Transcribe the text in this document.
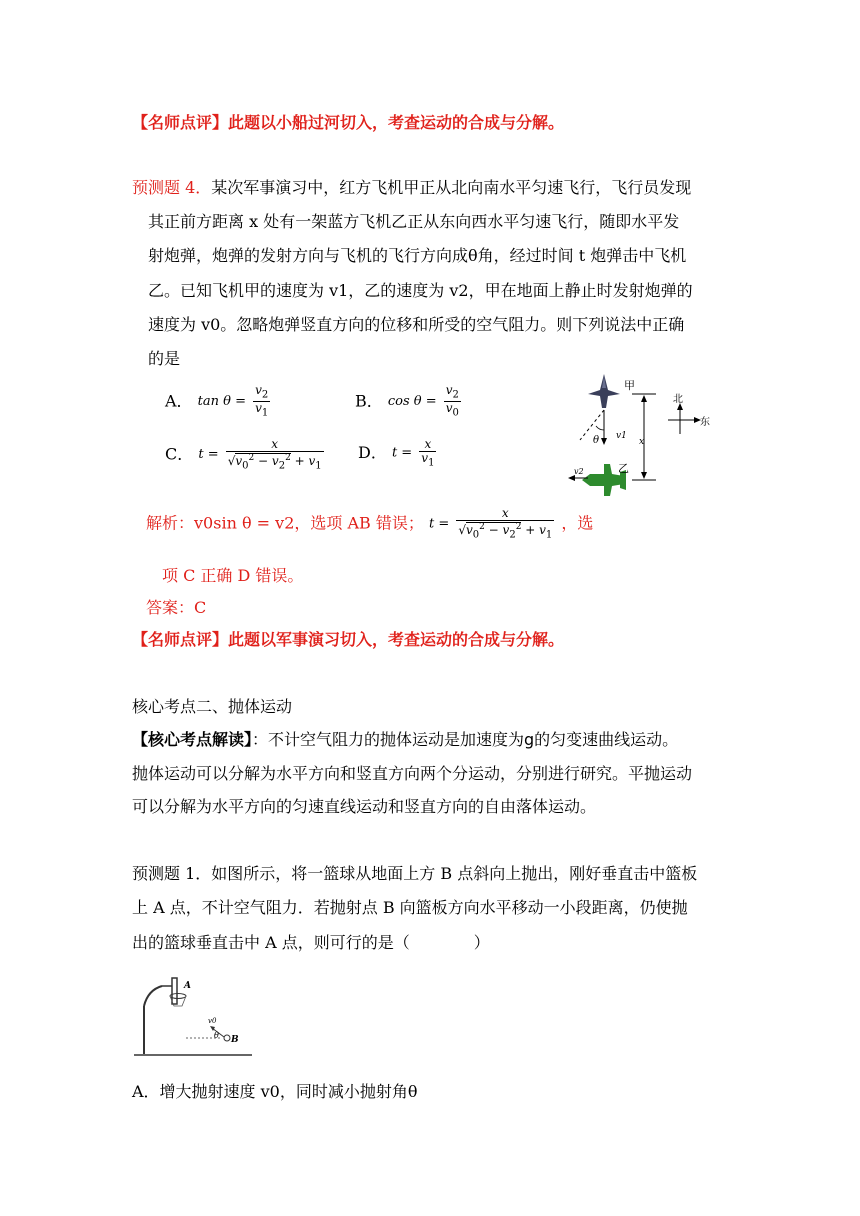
【名师点评】此题以小船过河切入，考查运动的合成与分解。
预测题 4．某次军事演习中，红方飞机甲正从北向南水平匀速飞行，飞行员发现
其正前方距离 x 处有一架蓝方飞机乙正从东向西水平匀速飞行，随即水平发
射炮弹，炮弹的发射方向与飞机的飞行方向成θ角，经过时间 t 炮弹击中飞机
乙。已知飞机甲的速度为 v1，乙的速度为 v2，甲在地面上静止时发射炮弹的
速度为 v0。忽略炮弹竖直方向的位移和所受的空气阻力。则下列说法中正确
的是
A． $\tan \theta = \frac{v_2}{v_1}$	B． $\cos \theta = \frac{v_2}{v_0}$
C． $t = \frac{x}{√v_0^2 - v_2^2 + v_1}$ D． $t = \frac{x}{v_1}$
甲
v1
θ	x
北
东
乙
v2
解析：v0sin θ = v2，选项 AB 错误； $t = \frac{x}{√v_0^2 - v_2^2 + v_1}$ ，选
项 C 正确 D 错误。
答案：C
【名师点评】此题以军事演习切入，考查运动的合成与分解。
核心考点二、抛体运动
【核心考点解读】：不计空气阻力的抛体运动是加速度为g的匀变速曲线运动。
抛体运动可以分解为水平方向和竖直方向两个分运动，分别进行研究。平抛运动
可以分解为水平方向的匀速直线运动和竖直方向的自由落体运动。
预测题 1．如图所示，将一篮球从地面上方 B 点斜向上抛出，刚好垂直击中篮板
上 A 点，不计空气阻力．若抛射点 B 向篮板方向水平移动一小段距离，仍使抛
出的篮球垂直击中 A 点，则可行的是（　　　　）
A
v0
θ B
A．增大抛射速度 v0，同时减小抛射角θ
